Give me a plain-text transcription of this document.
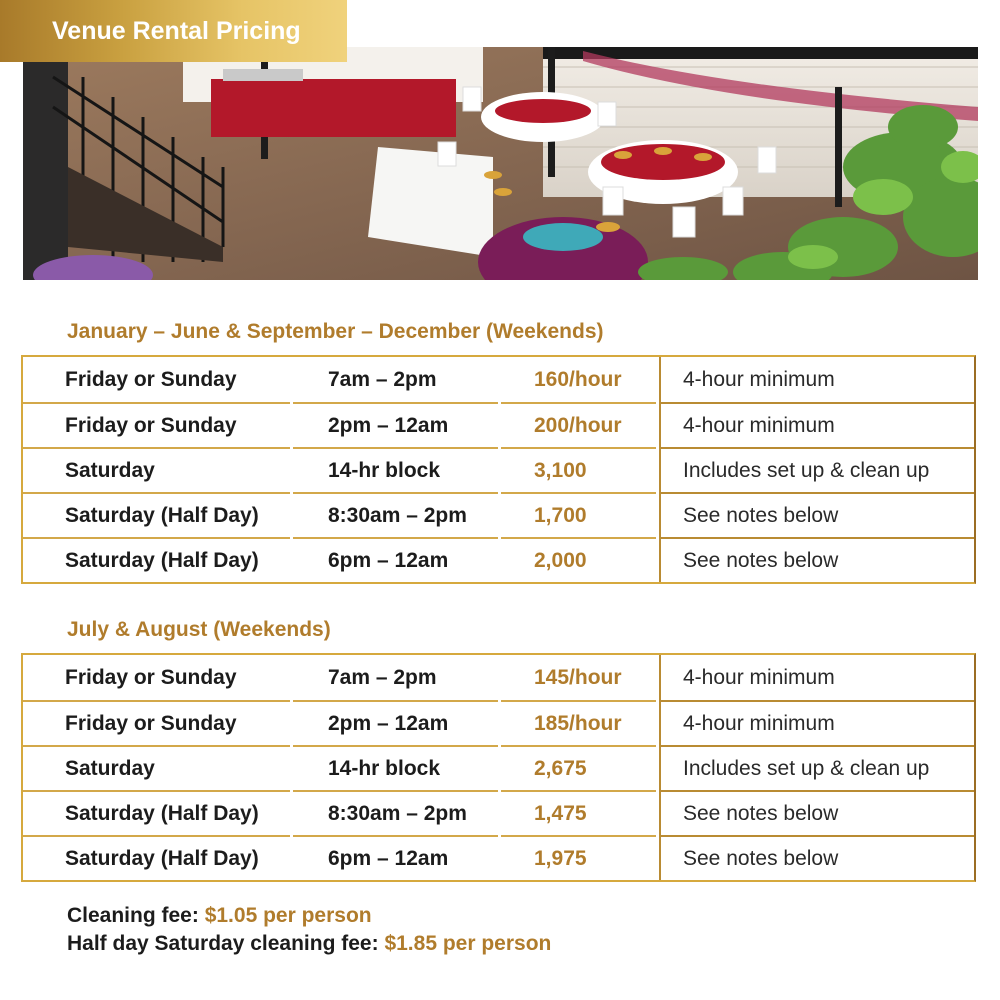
Venue Rental Pricing
January – June & September – December (Weekends)
Friday or Sunday	7am – 2pm	160/hour	4-hour minimum
Friday or Sunday	2pm – 12am	200/hour	4-hour minimum
Saturday	14-hr block	3,100	Includes set up & clean up
Saturday (Half Day)	8:30am – 2pm	1,700	See notes below
Saturday (Half Day)	6pm – 12am	2,000	See notes below
July & August (Weekends)
Friday or Sunday	7am – 2pm	145/hour	4-hour minimum
Friday or Sunday	2pm – 12am	185/hour	4-hour minimum
Saturday	14-hr block	2,675	Includes set up & clean up
Saturday (Half Day)	8:30am – 2pm	1,475	See notes below
Saturday (Half Day)	6pm – 12am	1,975	See notes below
Cleaning fee: $1.05 per person
Half day Saturday cleaning fee: $1.85 per person
